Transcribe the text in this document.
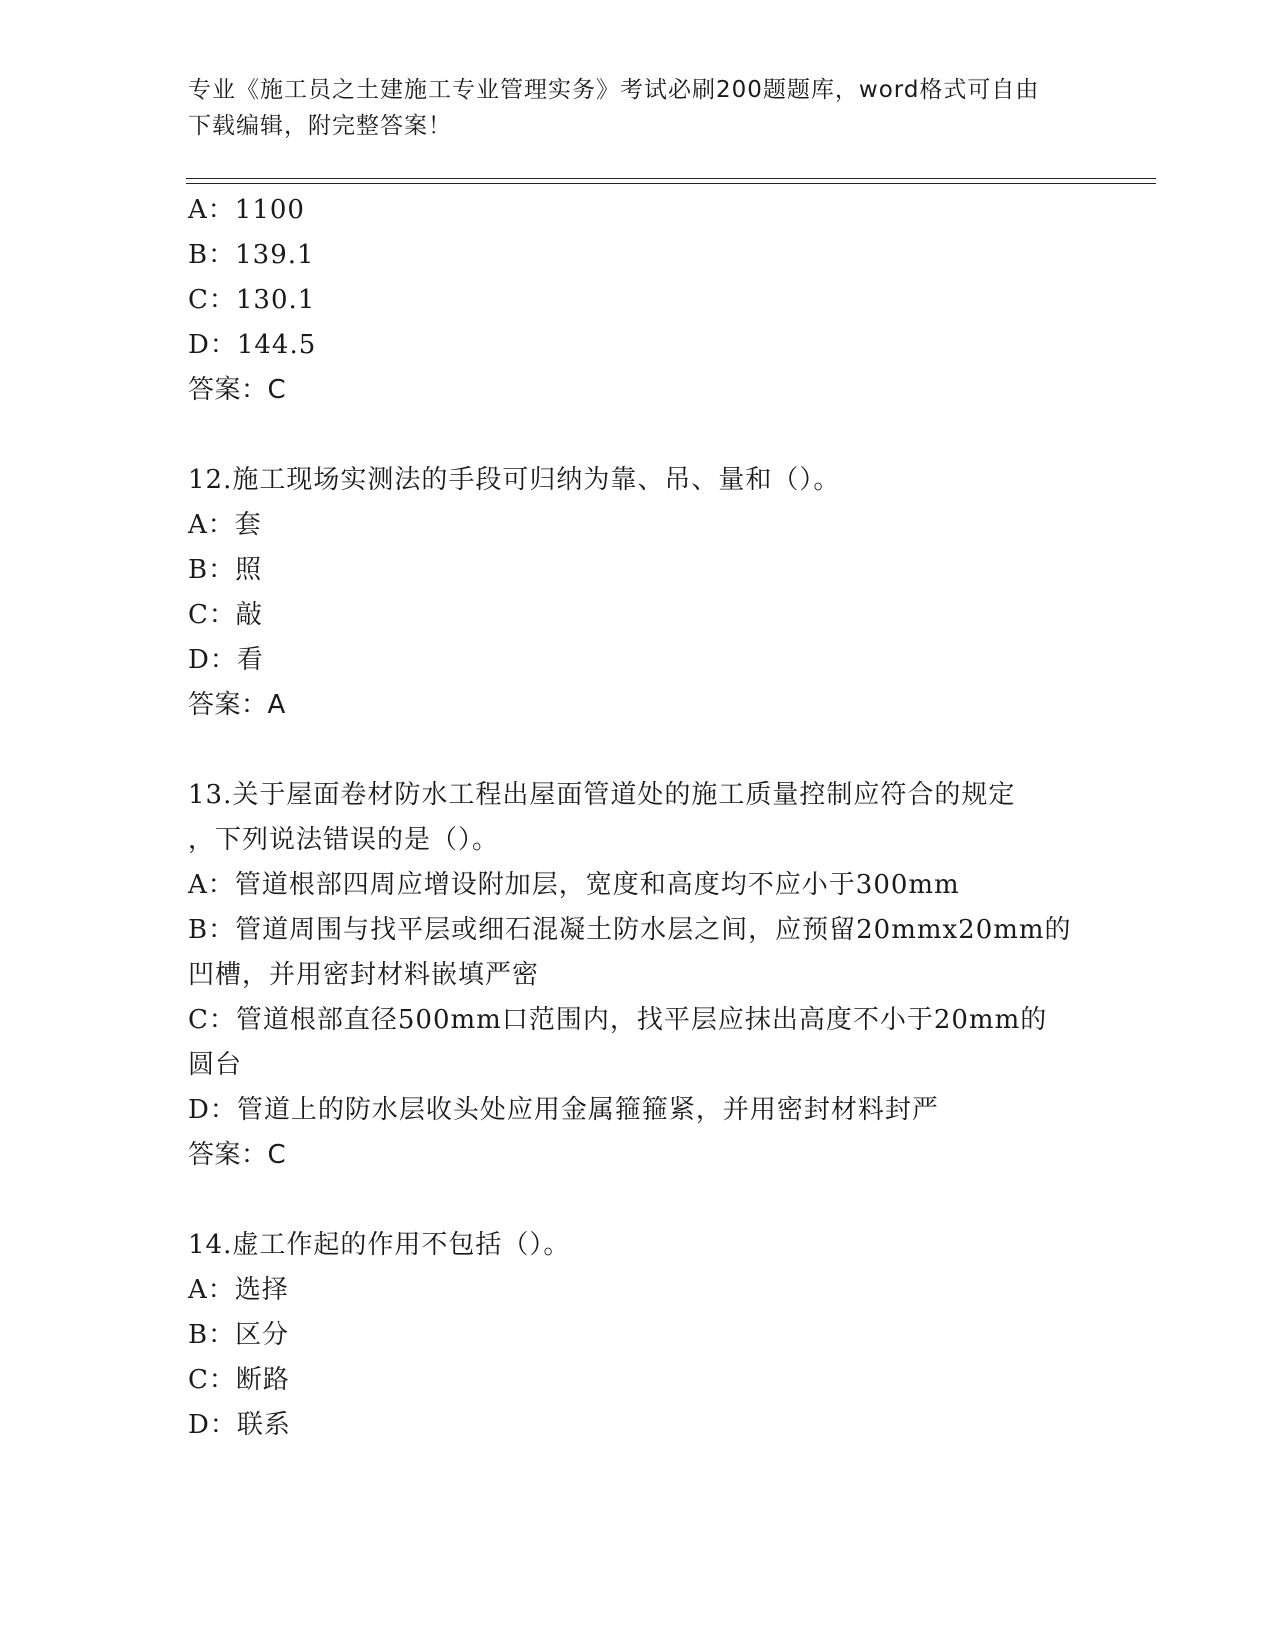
专业《施工员之土建施工专业管理实务》考试必刷200题题库，word格式可自由
下载编辑，附完整答案！
A：1100
B：139.1
C：130.1
D：144.5
答案：C
12.施工现场实测法的手段可归纳为靠、吊、量和（）。
A：套
B：照
C：敲
D：看
答案：A
13.关于屋面卷材防水工程出屋面管道处的施工质量控制应符合的规定
，下列说法错误的是（）。
A：管道根部四周应增设附加层，宽度和高度均不应小于300mm
B：管道周围与找平层或细石混凝土防水层之间，应预留20mmx20mm的
凹槽，并用密封材料嵌填严密
C：管道根部直径500mm口范围内，找平层应抹出高度不小于20mm的
圆台
D：管道上的防水层收头处应用金属箍箍紧，并用密封材料封严
答案：C
14.虚工作起的作用不包括（）。
A：选择
B：区分
C：断路
D：联系
